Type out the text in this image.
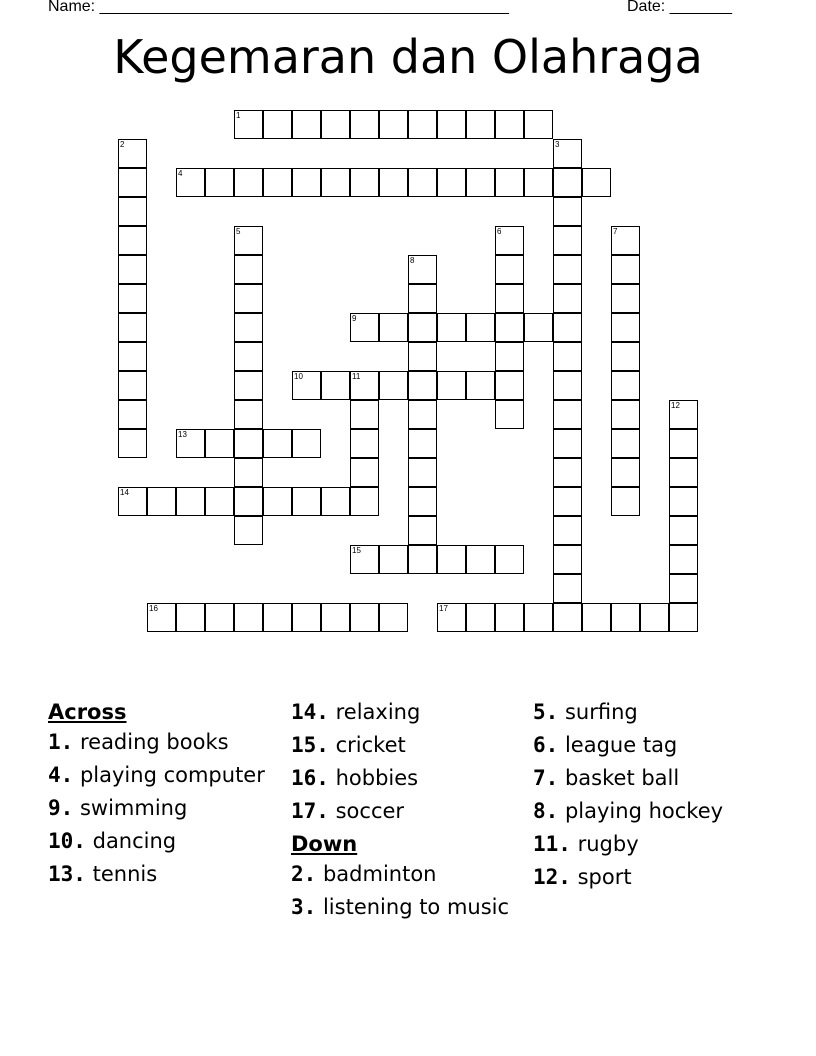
Name: ______________________________________________	Date: _______
Kegemaran dan Olahraga
1
2	3
4
5	6	7
8
9
10	11
12
13
14
15
16	17
Across
1. reading books
4. playing computer
9. swimming
10. dancing
13. tennis
14. relaxing
15. cricket
16. hobbies
17. soccer
Down
2. badminton
3. listening to music
5. surfing
6. league tag
7. basket ball
8. playing hockey
11. rugby
12. sport
